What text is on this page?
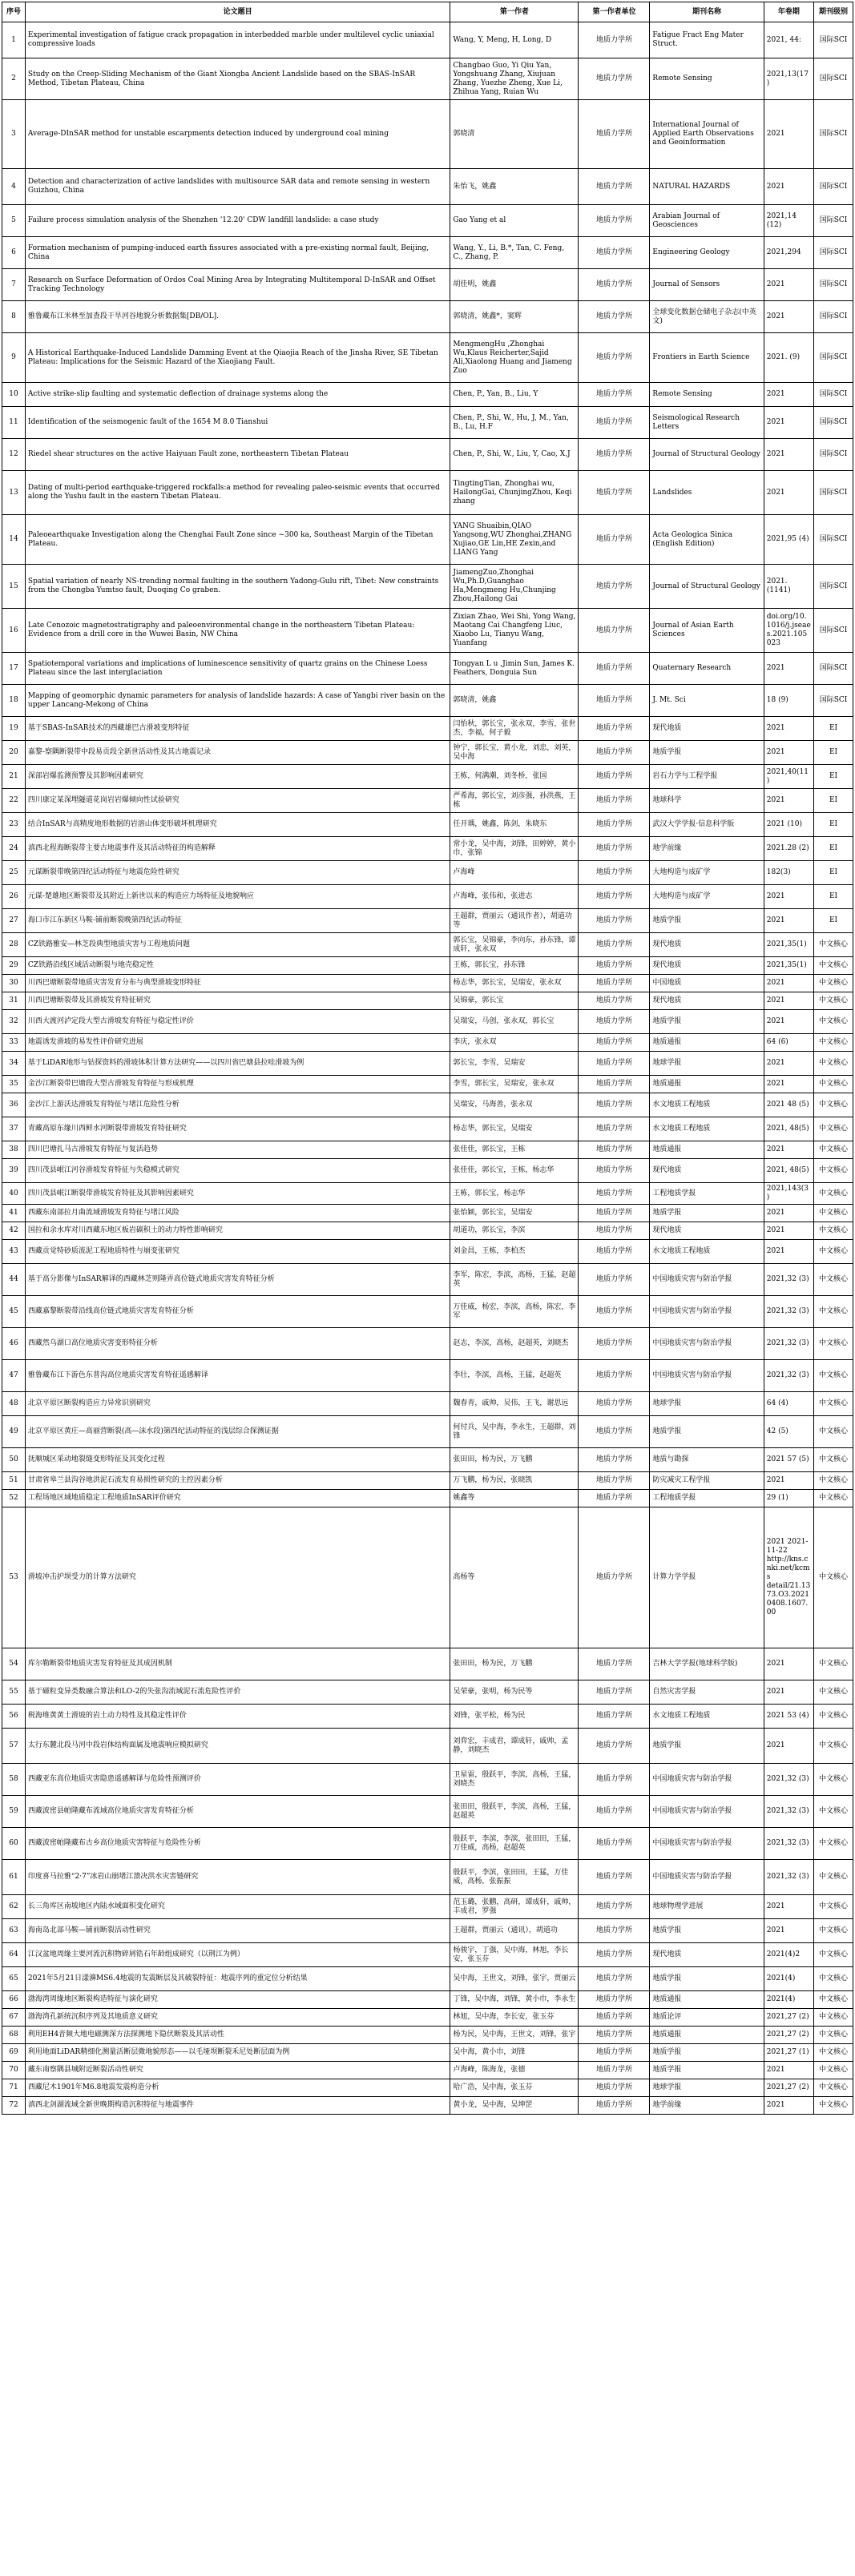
序号	论文题目	第一作者	第一作者单位	期刊名称	年卷期	期刊级别
1	Experimental investigation of fatigue crack propagation in interbedded marble under multilevel cyclic uniaxial compressive loads	Wang, Y, Meng, H, Long, D	地质力学所	Fatigue Fract Eng Mater Struct.	2021, 44:	国际SCI
2	Study on the Creep-Sliding Mechanism of the Giant Xiongba Ancient Landslide based on the SBAS-InSAR Method, Tibetan Plateau, China	Changbao Guo, Yi Qiu Yan, Yongshuang Zhang, Xiujuan Zhang, Yuezhe Zheng, Xue Li, Zhihua Yang, Ruian Wu	地质力学所	Remote Sensing	2021,13(17)	国际SCI
3	Average-DInSAR method for unstable escarpments detection induced by underground coal mining	郭晓清	地质力学所	International Journal of Applied Earth Observations and Geoinformation	2021	国际SCI
4	Detection and characterization of active landslides with multisource SAR data and remote sensing in western Guizhou, China	朱怡飞，姚鑫	地质力学所	NATURAL HAZARDS	2021	国际SCI
5	Failure process simulation analysis of the Shenzhen '12.20' CDW landfill landslide: a case study	Gao Yang et al	地质力学所	Arabian Journal of Geosciences	2021,14 (12)	国际SCI
6	Formation mechanism of pumping-induced earth fissures associated with a pre-existing normal fault, Beijing, China	Wang, Y., Li, B.*, Tan, C. Feng, C., Zhang, P.	地质力学所	Engineering Geology	2021,294	国际SCI
7	Research on Surface Deformation of Ordos Coal Mining Area by Integrating Multitemporal D-InSAR and Offset Tracking Technology	胡佳明，姚鑫	地质力学所	Journal of Sensors	2021	国际SCI
8	雅鲁藏布江米林至加查段干旱河谷地貌分析数据集[DB/OL].	郭晓清，姚鑫*，窦辉	地质力学所	全球变化数据仓储电子杂志(中英文)	2021	国际SCI
9	A Historical Earthquake-Induced Landslide Damming Event at the Qiaojia Reach of the Jinsha River, SE Tibetan Plateau: Implications for the Seismic Hazard of the Xiaojiang Fault.	MengmengHu ,Zhonghai Wu,Klaus Reicherter,Sajid Ali,Xiaolong Huang and Jiameng Zuo	地质力学所	Frontiers in Earth Science	2021. (9)	国际SCI
10	Active strike-slip faulting and systematic deflection of drainage systems along the	Chen, P., Yan, B., Liu, Y	地质力学所	Remote Sensing	2021	国际SCI
11	Identification of the seismogenic fault of the 1654 M 8.0 Tianshui	Chen, P., Shi, W., Hu, J, M., Yan, B., Lu, H.F	地质力学所	Seismological Research Letters	2021	国际SCI
12	Riedel shear structures on the active Haiyuan Fault zone, northeastern Tibetan Plateau	Chen, P., Shi, W., Liu, Y, Cao, X.J	地质力学所	Journal of Structural Geology	2021	国际SCI
13	Dating of multi-period earthquake-triggered rockfalls:a method for revealing paleo-seismic events that occurred along the Yushu fault in the eastern Tibetan Plateau.	TingtingTian, Zhonghai wu, HailongGai, ChunjingZhou, Keqi zhang	地质力学所	Landslides	2021	国际SCI
14	Paleoearthquake Investigation along the Chenghai Fault Zone since ~300 ka, Southeast Margin of the Tibetan Plateau.	YANG Shuaibin,QIAO Yangsong,WU Zhonghai,ZHANG Xujiao,GE Lin,HE Zexin,and LIANG Yang	地质力学所	Acta Geologica Sinica (English Edition)	2021,95 (4)	国际SCI
15	Spatial variation of nearly NS-trending normal faulting in the southern Yadong-Gulu rift, Tibet: New constraints from the Chongba Yumtso fault, Duoqing Co graben.	JiamengZuo,Zhonghai Wu,Ph.D,Guanghao Ha,Mengmeng Hu,Chunjing Zhou,Hailong Gai	地质力学所	Journal of Structural Geology	2021. (1141)	国际SCI
16	Late Cenozoic magnetostratigraphy and paleoenvironmental change in the northeastern Tibetan Plateau: Evidence from a drill core in the Wuwei Basin, NW China	Zixian Zhao, Wei Shi, Yong Wang, Maotang Cai Changfeng Liuc, Xiaobo Lu, Tianyu Wang, Yuanfang	地质力学所	Journal of Asian Earth Sciences	doi.org/10.1016/j.jseaes.2021.105023	国际SCI
17	Spatiotemporal variations and implications of luminescence sensitivity of quartz grains on the Chinese Loess Plateau since the last interglaciation	Tongyan L u ,Jimin Sun, James K. Feathers, Donguia Sun	地质力学所	Quaternary Research	2021	国际SCI
18	Mapping of geomorphic dynamic parameters for analysis of landslide hazards: A case of Yangbi river basin on the upper Lancang-Mekong of China	郭晓清，姚鑫	地质力学所	J. Mt. Sci	18 (9)	国际SCI
19	基于SBAS-InSAR技术的西藏雄巴古滑坡变形特征	闫怡秋，郭长宝，张永双，李雪，张世杰，李福，何子毅	地质力学所	现代地质	2021	EI
20	嘉黎-察隅断裂带中段易贡段全新世活动性及其古地震记录	钟宁，郭长宝，黄小龙，刘忠，刘英，吴中海	地质力学所	地质学报	2021	EI
21	深部岩爆监测预警及其影响因素研究	王栋，何满潮，刘冬桥，张国	地质力学所	岩石力学与工程学报	2021,40(11)	EI
22	四川康定某深埋隧道花岗岩岩爆倾向性试验研究	严希海，郭长宝，刘彦强，孙洪燕，王栋	地质力学所	地球科学	2021	EI
23	结合InSAR与高精度地形数据的岩溶山体变形破坏机理研究	任开瑀，姚鑫，陈剑，朱晓东	地质力学所	武汉大学学报·信息科学版	2021 (10)	EI
24	滇西北程海断裂带主要古地震事件及其活动特征的构造解释	常小龙，吴中海，刘锋，田婷婷，黄小巾，张锦	地质力学所	地学前缘	2021.28 (2)	EI
25	元谋断裂带晚第四纪活动特征与地震危险性研究	卢海峰	地质力学所	大地构造与成矿学	182(3)	EI
26	元谋-楚雄地区断裂带及其附近上新世以来的构造应力场特征及地貌响应	卢海峰，张伟和，张进志	地质力学所	大地构造与成矿学	2021	EI
27	海口市江东新区马鞍-铺前断裂晚第四纪活动特征	王超群，贾丽云（通讯作者），胡道功等	地质力学所	地质学报	2021	EI
28	CZ铁路雅安—林芝段典型地质灾害与工程地质问题	郭长宝，吴锦豪，李向东，孙东锋，谭成轩，张永双	地质力学所	现代地质	2021,35(1)	中文核心
29	CZ铁路沿线区域活动断裂与地壳稳定性	王栋，郭长宝，孙东锋	地质力学所	现代地质	2021,35(1)	中文核心
30	川西巴塘断裂带地质灾害发育分布与典型滑坡变形特征	杨志华，郭长宝，吴瑞安，张永双	地质力学所	中国地质	2021	中文核心
31	川西巴塘断裂带及其滑坡发育特征研究	吴锦豪，郭长宝	地质力学所	现代地质	2021	中文核心
32	川西大渡河泸定段大型古滑坡发育特征与稳定性评价	吴瑞安，马创，张永双，郭长宝	地质力学所	地质学报	2021	中文核心
33	地震诱发滑坡的易发性评价研究进展	李庆，张永双	地质力学所	地质通报	64 (6)	中文核心
34	基于LiDAR地形与钻探资料的滑坡体积计算方法研究——以四川省巴塘县拉哇滑坡为例	郭长宝，李雪，吴瑞安	地质力学所	地球学报	2021	中文核心
35	金沙江断裂带巴塘段大型古滑坡发育特征与形成机理	李雪，郭长宝，吴瑞安，张永双	地质力学所	地质通报	2021	中文核心
36	金沙江上游沃达滑坡发育特征与堵江危险性分析	吴瑞安，马海善，张永双	地质力学所	水文地质工程地质	2021 48 (5)	中文核心
37	青藏高原东缘川西鲜水河断裂带滑坡发育特征研究	杨志华，郭长宝，吴瑞安	地质力学所	水文地质工程地质	2021, 48(5)	中文核心
38	四川巴塘扎马古滑坡发育特征与复活趋势	张佳佳，郭长宝，王栋	地质力学所	地质通报	2021	中文核心
39	四川茂县岷江河谷滑坡发育特征与失稳模式研究	张佳佳，郭长宝，王栋，杨志华	地质力学所	现代地质	2021, 48(5)	中文核心
40	四川茂县岷江断裂带滑坡发育特征及其影响因素研究	王栋，郭长宝，杨志华	地质力学所	工程地质学报	2021,143(3)	中文核心
41	西藏东南部拉月曲流域滑坡发育特征与堵江风险	张怡颖，郭长宝，吴瑞安	地质力学所	地质学报	2021	中文核心
42	国拉和余水库对川西藏东地区板岩碳积土的动力特性影响研究	胡道功，郭长宝，李滨	地质力学所	现代地质	2021	中文核心
43	西藏贡觉特砂质流泥工程地质特性与崩变张研究	刘金昌，王栋，李柏杰	地质力学所	水文地质工程地质	2021	中文核心
44	基于高分影像与InSAR解译的西藏林芝则隆弄高位链式地质灾害发育特征分析	李军，陈宏，李滨，高杨，王猛，赵超英	地质力学所	中国地质灾害与防治学报	2021,32 (3)	中文核心
45	西藏嘉黎断裂带沿线高位链式地质灾害发育特征分析	万佳威，杨宏，李滨，高杨，陈宏，李军	地质力学所	中国地质灾害与防治学报	2021,32 (3)	中文核心
46	西藏然乌湖口高位地质灾害变形特征分析	赵志，李滨，高杨，赵超英，刘晓杰	地质力学所	中国地质灾害与防治学报	2021,32 (3)	中文核心
47	雅鲁藏布江下游色东普沟高位地质灾害发育特征遥感解译	李壮，李滨，高杨，王猛，赵超英	地质力学所	中国地质灾害与防治学报	2021,32 (3)	中文核心
48	北京平原区断裂构造应力异常识别研究	魏春青，戚帅，吴伟，王飞，谢思远	地质力学所	地球学报	64 (4)	中文核心
49	北京平原区黄庄—高丽营断裂(高—沫水段)第四纪活动特征的浅层综合探测证据	何付兵，吴中海，李永生，王超群，刘锋	地质力学所	地质学报	42 (5)	中文核心
50	抚顺城区采动地裂缝变形特征及其变化过程	张田田，杨为民，万飞鹏	地质力学所	地质与勘探	2021 57 (5)	中文核心
51	甘肃省皋兰县沟谷地洪泥石流发育易损性研究的主控因素分析	万飞鹏，杨为民，张晓凯	地质力学所	防灾减灾工程学报	2021	中文核心
52	工程场地区域地质稳定工程地质InSAR评价研究	姚鑫等	地质力学所	工程地质学报	29 (1)	中文核心
53	滑坡冲击护坝受力的计算方法研究	高杨等	地质力学所	计算力学学报	2021 2021-11-22 http://kns.cnki.net/kcms detail/21.1373.O3.20210408.1607.00	中文核心
54	库尔勒断裂带地质灾害发育特征及其成因机制	张田田，杨为民，万飞鹏	地质力学所	吉林大学学报(地球科学版)	2021	中文核心
55	基于磁粒变异类数融合算法和LO-2的失张沟流域泥石流危险性评价	吴荣豪，张明，杨为民等	地质力学所	自然灾害学报	2021	中文核心
56	税海堆黄黄土滑坡的岩土动力特性及其稳定性评价	刘锋，张平松，杨为民	地质力学所	水文地质工程地质	2021 53 (4)	中文核心
57	太行东麓北段马河中段岩体结构面属及地震响应模拟研究	刘弈宏，丰成君，谭成轩，戚帅，孟静，刘晓杰	地质力学所	地质学报	2021	中文核心
58	西藏亚东高位地质灾害隐患遥感解译与危险性预测评价	卫星雷，殷跃平，李滨，高杨，王猛，刘晓杰	地质力学所	中国地质灾害与防治学报	2021,32 (3)	中文核心
59	西藏波密县帕隆藏布流域高位地质灾害发育特征分析	张田田，殷跃平，李滨，高杨，王猛，赵超英	地质力学所	中国地质灾害与防治学报	2021,32 (3)	中文核心
60	西藏波密帕隆藏布古乡高位地质灾害特征与危险性分析	殷跃平，李滨，李滨，张田田，王猛，万佳威，高杨，赵超英	地质力学所	中国地质灾害与防治学报	2021,32 (3)	中文核心
61	印度喜马拉雅“2·7”冰岩山崩堵江溃决洪水灾害链研究	殷跃平，李滨，张田田，王猛，万佳威，高杨，张振振	地质力学所	中国地质灾害与防治学报	2021,32 (3)	中文核心
62	长三角库区南坡地区内陆水域面积变化研究	范玉璐，张鹏，高研，谭成轩，戚帅，丰成君，罗强	地质力学所	地球物理学进展	2021	中文核心
63	海南岛北部马鞍—铺前断裂活动性研究	王超群，贾丽云（通讯），胡道功	地质力学所	地质学报	2021	中文核心
64	江汉盆地周缘主要河流沉积物碎屑锆石年龄组成研究（以荆江为例）	杨骏宇，丁强，吴中海，林旭，李长安，张玉芬	地质力学所	现代地质	2021(4)2	中文核心
65	2021年5月21日漾濞MS6.4地震的发震断层及其破裂特征：地震序列的重定位分析结果	吴中海，王世文，刘锋，张宇，贾丽云	地质力学所	地质学报	2021(4)	中文核心
66	渤海湾周缘地区断裂构造特征与演化研究	丁锋，吴中海，刘锋，黄小巾，李永生	地质力学所	地质通报	2021(4)	中文核心
67	渤海湾孔新统沉积序列及其地质意义研究	林旭，吴中海，李长安，张玉芬	地质力学所	地质论评	2021,27 (2)	中文核心
68	利用EH4音频大地电磁测深方法探测地下隐伏断裂及其活动性	杨为民，吴中海，王世文，刘锋，张宇	地质力学所	地质通报	2021,27 (2)	中文核心
69	利用地面LiDAR精细化测量活断层微地貌形态——以毛垭坝断裂禾尼处断层面为例	吴中海，黄小巾，刘锋	地质力学所	地质学报	2021,27 (1)	中文核心
70	藏东南察隅县城附近断裂活动性研究	卢海峰，陈海龙，张德	地质力学所	地质学报	2021	中文核心
71	西藏尼木1901年M6.8地震发震构造分析	哈广浩，吴中海，张玉芬	地质力学所	地球学报	2021,27 (2)	中文核心
72	滇西北剑湖流域全新世晚期构造沉积特征与地震事件	黄小龙，吴中海，吴坤罡	地质力学所	地学前缘	2021	中文核心
